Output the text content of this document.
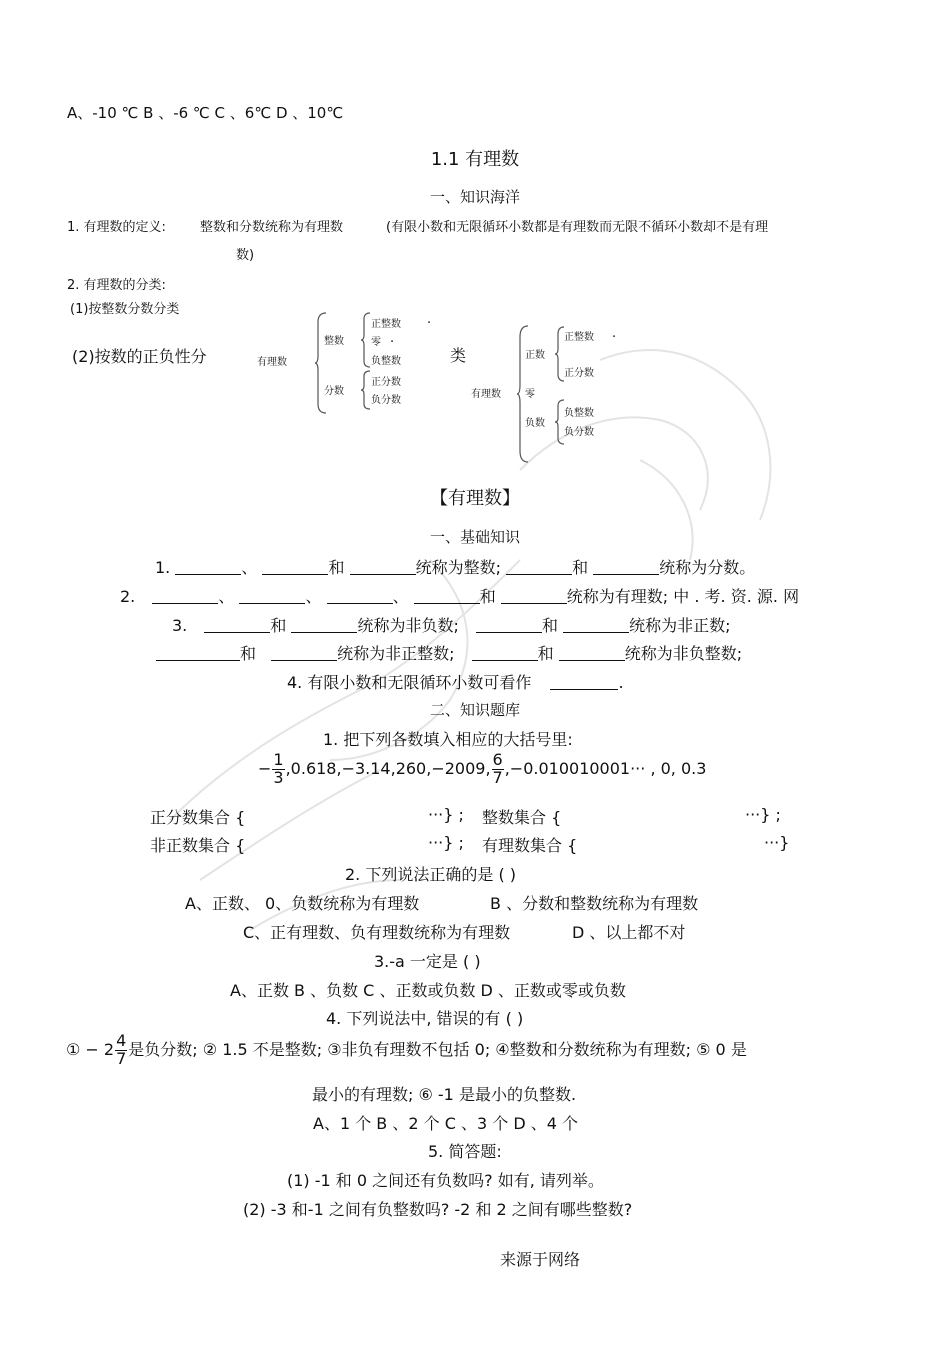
A、-10 ℃ B 、-6 ℃ C 、6℃ D 、10℃
1.1 有理数
一、知识海洋
1. 有理数的定义:	整数和分数统称为有理数	(有限小数和无限循环小数都是有理数而无限不循环小数却不是有理
数)
2. 有理数的分类:
(1)按整数分数分类
(2)按数的正负性分	类
有理数
整数
分数
正整数 .
零 .
负整数
正分数
负分数
有理数
正数
零
负数
正整数 .
正分数
负整数
负分数
【有理数】
一、基础知识
1.	、	和	统称为整数;	和	统称为分数。
2.	、	、	、	和	统称为有理数; 中 . 考. 资. 源. 网
3.	和	统称为非负数;	和	统称为非正数;
和	统称为非正整数;	和	统称为非负整数;
4. 有限小数和无限循环小数可看作	.
二、知识题库
1. 把下列各数填入相应的大括号里:
− $\frac{1}{3} ,0.618,-3.14,260,-2009$, $\frac{6}{7} ,-0.010010001\cdot\cdot\cdot$ , 0, 0.3
正分数集合 {	···} ; 整数集合 {	···} ;
非正数集合 {	···} ; 有理数集合 {	···}
2. 下列说法正确的是 ( )
A、正数、 0、负数统称为有理数	B 、分数和整数统称为有理数
C、正有理数、负有理数统称为有理数	D 、以上都不对
3.-a 一定是 ( )
A、正数 B 、负数 C 、正数或负数 D 、正数或零或负数
4. 下列说法中, 错误的有 ( )
① − $2 \frac{4}{7}$ 是负分数; ② 1.5 不是整数; ③非负有理数不包括 0; ④整数和分数统称为有理数; ⑤ 0 是
最小的有理数; ⑥ -1 是最小的负整数.
A、1 个 B 、2 个 C 、3 个 D 、4 个
5. 简答题:
(1) -1 和 0 之间还有负数吗? 如有, 请列举。
(2) -3 和-1 之间有负整数吗? -2 和 2 之间有哪些整数?
来源于网络
